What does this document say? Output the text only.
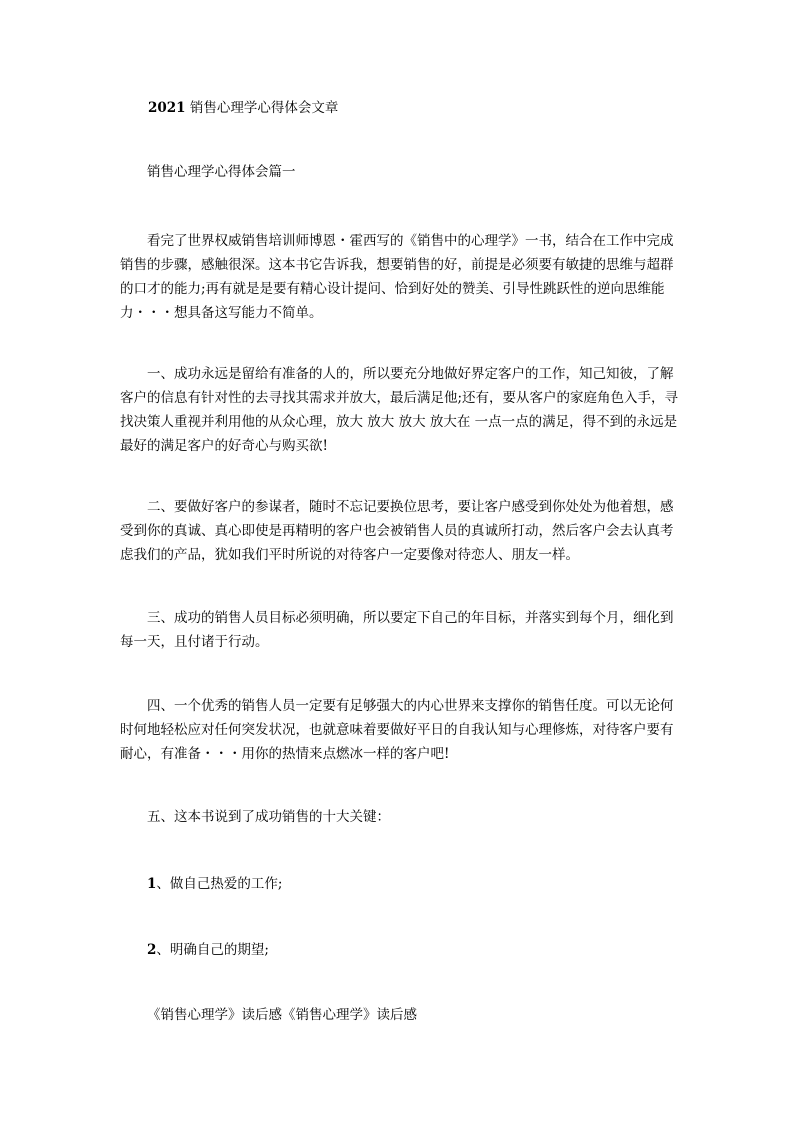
2021 销售心理学心得体会文章

销售心理学心得体会篇一

看完了世界权威销售培训师博恩・霍西写的《销售中的心理学》一书，结合在工作中完成销售的步骤，感触很深。这本书它告诉我，想要销售的好，前提是必须要有敏捷的思维与超群的口才的能力;再有就是是要有精心设计提问、恰到好处的赞美、引导性跳跃性的逆向思维能力・・・想具备这写能力不简单。

一、成功永远是留给有准备的人的，所以要充分地做好界定客户的工作，知己知彼，了解客户的信息有针对性的去寻找其需求并放大，最后满足他;还有，要从客户的家庭角色入手，寻找决策人重视并利用他的从众心理，放大 放大 放大 放大在 一点一点的满足，得不到的永远是最好的满足客户的好奇心与购买欲!

二、要做好客户的参谋者，随时不忘记要换位思考，要让客户感受到你处处为他着想，感受到你的真诚、真心即使是再精明的客户也会被销售人员的真诚所打动，然后客户会去认真考虑我们的产品，犹如我们平时所说的对待客户一定要像对待恋人、朋友一样。

三、成功的销售人员目标必须明确，所以要定下自己的年目标，并落实到每个月，细化到每一天，且付诸于行动。

四、一个优秀的销售人员一定要有足够强大的内心世界来支撑你的销售任度。可以无论何时何地轻松应对任何突发状况，也就意味着要做好平日的自我认知与心理修炼，对待客户要有耐心，有准备・・・用你的热情来点燃冰一样的客户吧!

五、这本书说到了成功销售的十大关键：

1、做自己热爱的工作;

2、明确自己的期望;

《销售心理学》读后感《销售心理学》读后感
